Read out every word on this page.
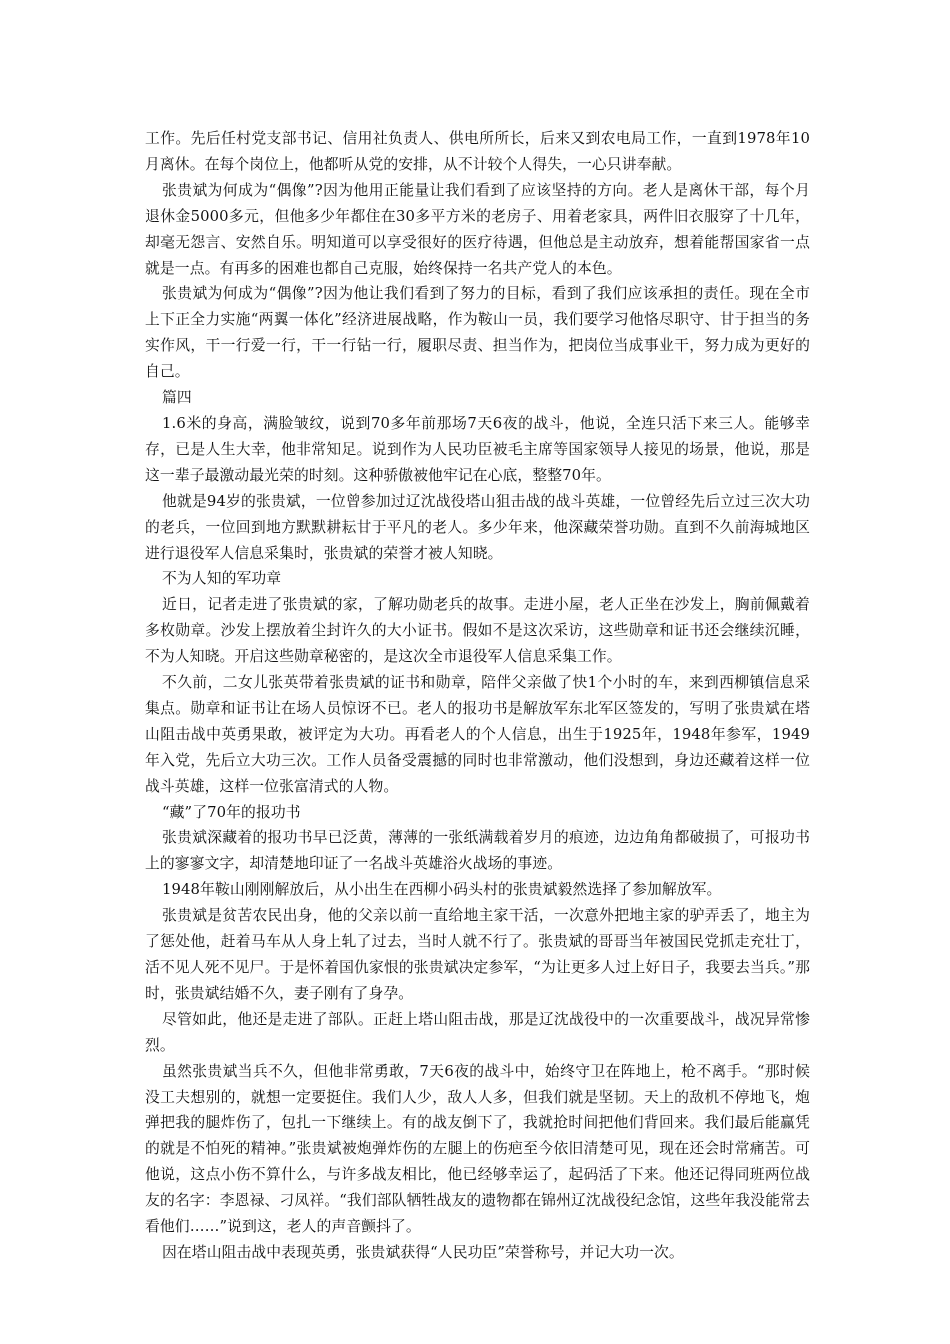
工作。先后任村党支部书记、信用社负责人、供电所所长，后来又到农电局工作，一直到1978年10月离休。在每个岗位上，他都听从党的安排，从不计较个人得失，一心只讲奉献。

张贵斌为何成为“偶像”?因为他用正能量让我们看到了应该坚持的方向。老人是离休干部，每个月退休金5000多元，但他多少年都住在30多平方米的老房子、用着老家具，两件旧衣服穿了十几年，却毫无怨言、安然自乐。明知道可以享受很好的医疗待遇，但他总是主动放弃，想着能帮国家省一点就是一点。有再多的困难也都自己克服，始终保持一名共产党人的本色。

张贵斌为何成为“偶像”?因为他让我们看到了努力的目标，看到了我们应该承担的责任。现在全市上下正全力实施“两翼一体化”经济进展战略，作为鞍山一员，我们要学习他恪尽职守、甘于担当的务实作风，干一行爱一行，干一行钻一行，履职尽责、担当作为，把岗位当成事业干，努力成为更好的自己。

篇四

1.6米的身高，满脸皱纹，说到70多年前那场7天6夜的战斗，他说，全连只活下来三人。能够幸存，已是人生大幸，他非常知足。说到作为人民功臣被毛主席等国家领导人接见的场景，他说，那是这一辈子最激动最光荣的时刻。这种骄傲被他牢记在心底，整整70年。

他就是94岁的张贵斌，一位曾参加过辽沈战役塔山狙击战的战斗英雄，一位曾经先后立过三次大功的老兵，一位回到地方默默耕耘甘于平凡的老人。多少年来，他深藏荣誉功勋。直到不久前海城地区进行退役军人信息采集时，张贵斌的荣誉才被人知晓。

不为人知的军功章

近日，记者走进了张贵斌的家，了解功勋老兵的故事。走进小屋，老人正坐在沙发上，胸前佩戴着多枚勋章。沙发上摆放着尘封许久的大小证书。假如不是这次采访，这些勋章和证书还会继续沉睡，不为人知晓。开启这些勋章秘密的，是这次全市退役军人信息采集工作。

不久前，二女儿张英带着张贵斌的证书和勋章，陪伴父亲做了快1个小时的车，来到西柳镇信息采集点。勋章和证书让在场人员惊讶不已。老人的报功书是解放军东北军区签发的，写明了张贵斌在塔山阻击战中英勇果敢，被评定为大功。再看老人的个人信息，出生于1925年，1948年参军，1949年入党，先后立大功三次。工作人员备受震撼的同时也非常激动，他们没想到，身边还藏着这样一位战斗英雄，这样一位张富清式的人物。

“藏”了70年的报功书

张贵斌深藏着的报功书早已泛黄，薄薄的一张纸满载着岁月的痕迹，边边角角都破损了，可报功书上的寥寥文字，却清楚地印证了一名战斗英雄浴火战场的事迹。

1948年鞍山刚刚解放后，从小出生在西柳小码头村的张贵斌毅然选择了参加解放军。

张贵斌是贫苦农民出身，他的父亲以前一直给地主家干活，一次意外把地主家的驴弄丢了，地主为了惩处他，赶着马车从人身上轧了过去，当时人就不行了。张贵斌的哥哥当年被国民党抓走充壮丁，活不见人死不见尸。于是怀着国仇家恨的张贵斌决定参军，“为让更多人过上好日子，我要去当兵。”那时，张贵斌结婚不久，妻子刚有了身孕。

尽管如此，他还是走进了部队。正赶上塔山阻击战，那是辽沈战役中的一次重要战斗，战况异常惨烈。

虽然张贵斌当兵不久，但他非常勇敢，7天6夜的战斗中，始终守卫在阵地上，枪不离手。“那时候没工夫想别的，就想一定要挺住。我们人少，敌人人多，但我们就是坚韧。天上的敌机不停地飞，炮弹把我的腿炸伤了，包扎一下继续上。有的战友倒下了，我就抢时间把他们背回来。我们最后能赢凭的就是不怕死的精神。”张贵斌被炮弹炸伤的左腿上的伤疤至今依旧清楚可见，现在还会时常痛苦。可他说，这点小伤不算什么，与许多战友相比，他已经够幸运了，起码活了下来。他还记得同班两位战友的名字：李恩禄、刁凤祥。“我们部队牺牲战友的遗物都在锦州辽沈战役纪念馆，这些年我没能常去看他们……”说到这，老人的声音颤抖了。

因在塔山阻击战中表现英勇，张贵斌获得“人民功臣”荣誉称号，并记大功一次。
